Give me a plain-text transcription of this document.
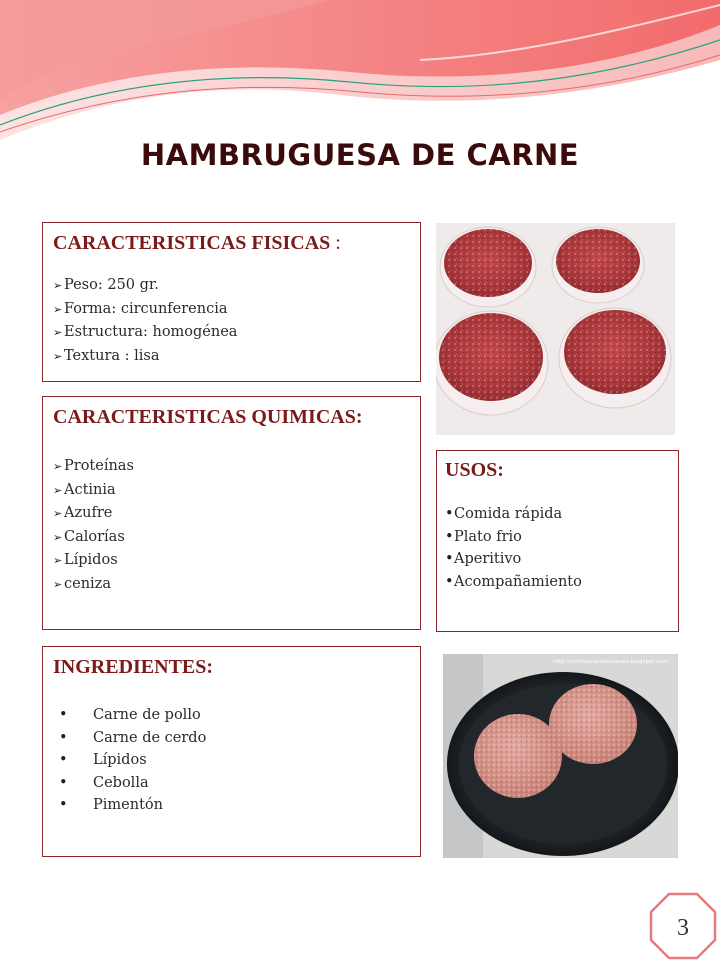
HAMBRUGUESA DE CARNE
CARACTERISTICAS FISICAS :
➢ Peso: 250 gr.
➢ Forma: circunferencia
➢ Estructura: homogénea
➢ Textura : lisa
CARACTERISTICAS QUIMICAS:
➢ Proteínas
➢ Actinia
➢ Azufre
➢ Calorías
➢ Lípidos
➢ ceniza
USOS:
• Comida rápida
• Plato frio
• Aperitivo
• Acompañamiento
INGREDIENTES:
• Carne de pollo
• Carne de cerdo
• Lípidos
• Cebolla
• Pimentón
http://recetasparamisnenos.blogspot.com
3
